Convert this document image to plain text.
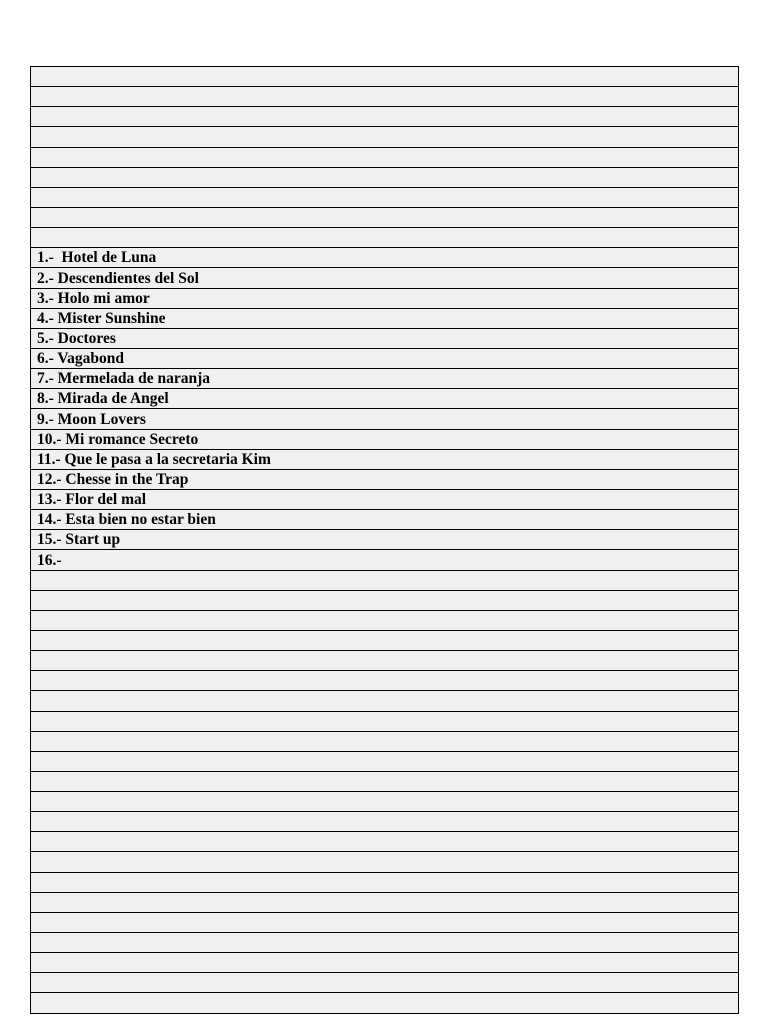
1.-  Hotel de Luna
2.- Descendientes del Sol
3.- Holo mi amor
4.- Mister Sunshine
5.- Doctores
6.- Vagabond
7.- Mermelada de naranja
8.- Mirada de Angel
9.- Moon Lovers
10.- Mi romance Secreto
11.- Que le pasa a la secretaria Kim
12.- Chesse in the Trap
13.- Flor del mal
14.- Esta bien no estar bien
15.- Start up
16.-
